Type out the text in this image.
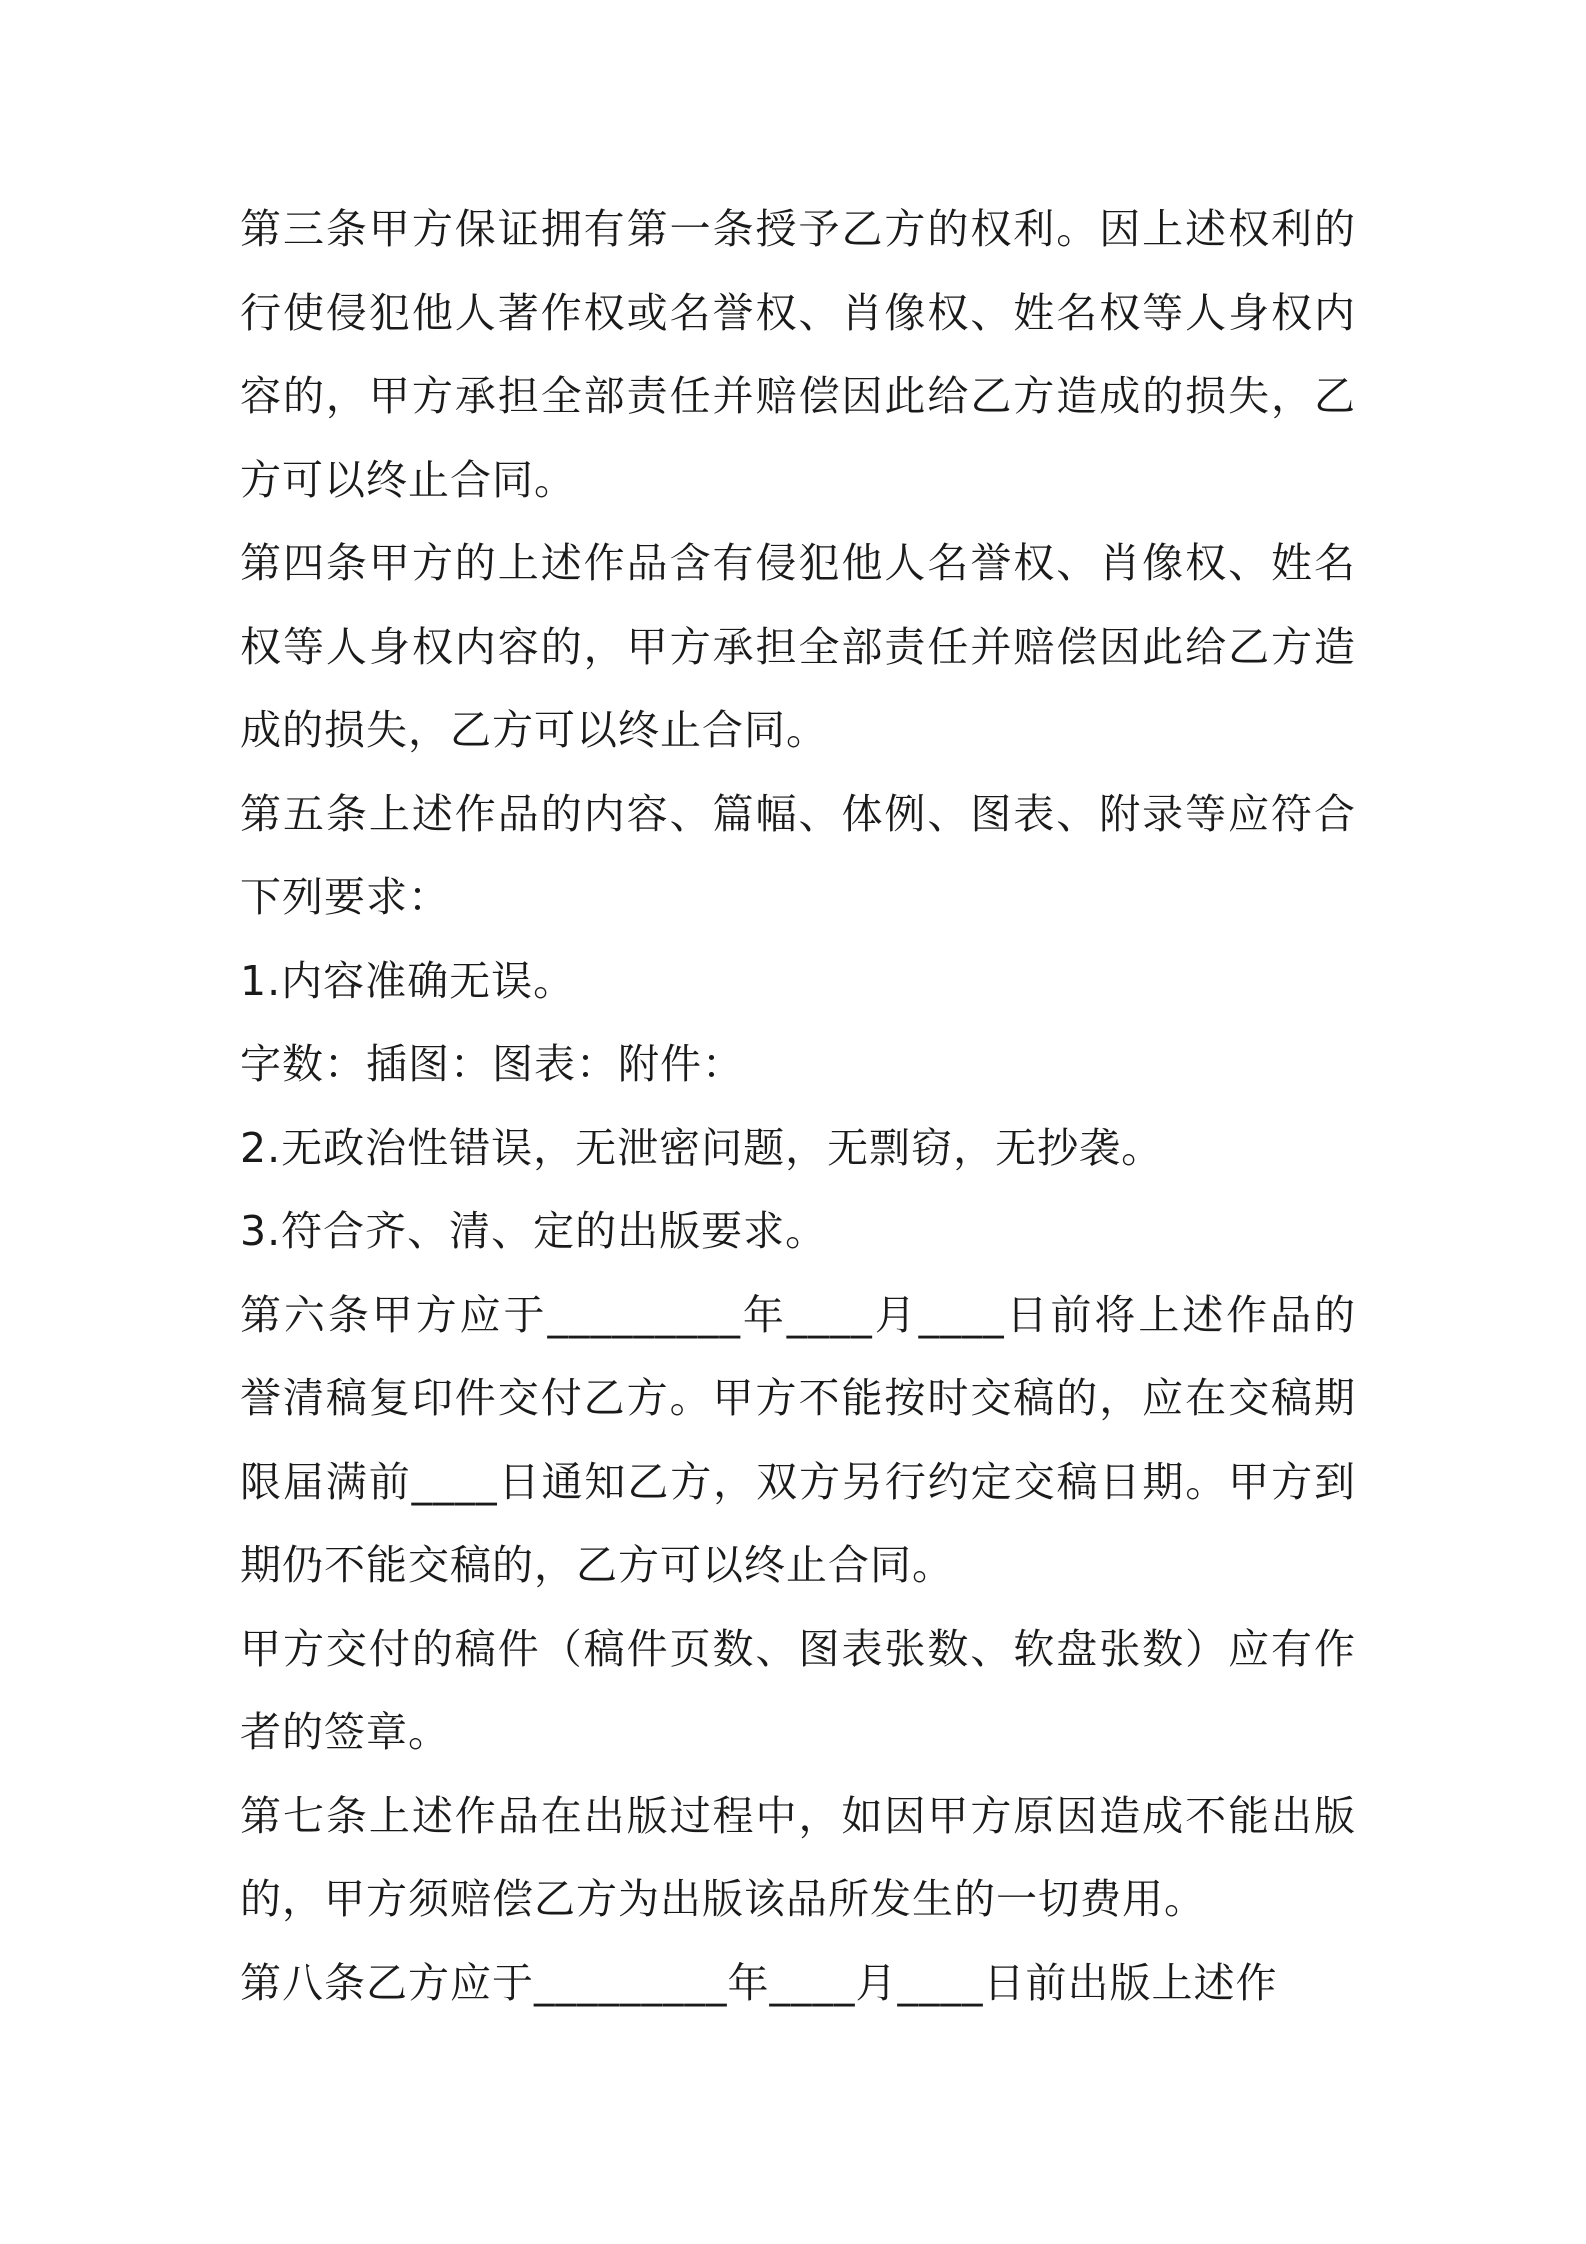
第三条甲方保证拥有第一条授予乙方的权利。因上述权利的行使侵犯他人著作权或名誉权、肖像权、姓名权等人身权内容的，甲方承担全部责任并赔偿因此给乙方造成的损失，乙方可以终止合同。

第四条甲方的上述作品含有侵犯他人名誉权、肖像权、姓名权等人身权内容的，甲方承担全部责任并赔偿因此给乙方造成的损失，乙方可以终止合同。

第五条上述作品的内容、篇幅、体例、图表、附录等应符合下列要求：

1.内容准确无误。

字数：插图：图表：附件：

2.无政治性错误，无泄密问题，无剽窃，无抄袭。

3.符合齐、清、定的出版要求。

第六条甲方应于_________年____月____日前将上述作品的誉清稿复印件交付乙方。甲方不能按时交稿的，应在交稿期限届满前____日通知乙方，双方另行约定交稿日期。甲方到期仍不能交稿的，乙方可以终止合同。

甲方交付的稿件（稿件页数、图表张数、软盘张数）应有作者的签章。

第七条上述作品在出版过程中，如因甲方原因造成不能出版的，甲方须赔偿乙方为出版该品所发生的一切费用。

第八条乙方应于_________年____月____日前出版上述作
